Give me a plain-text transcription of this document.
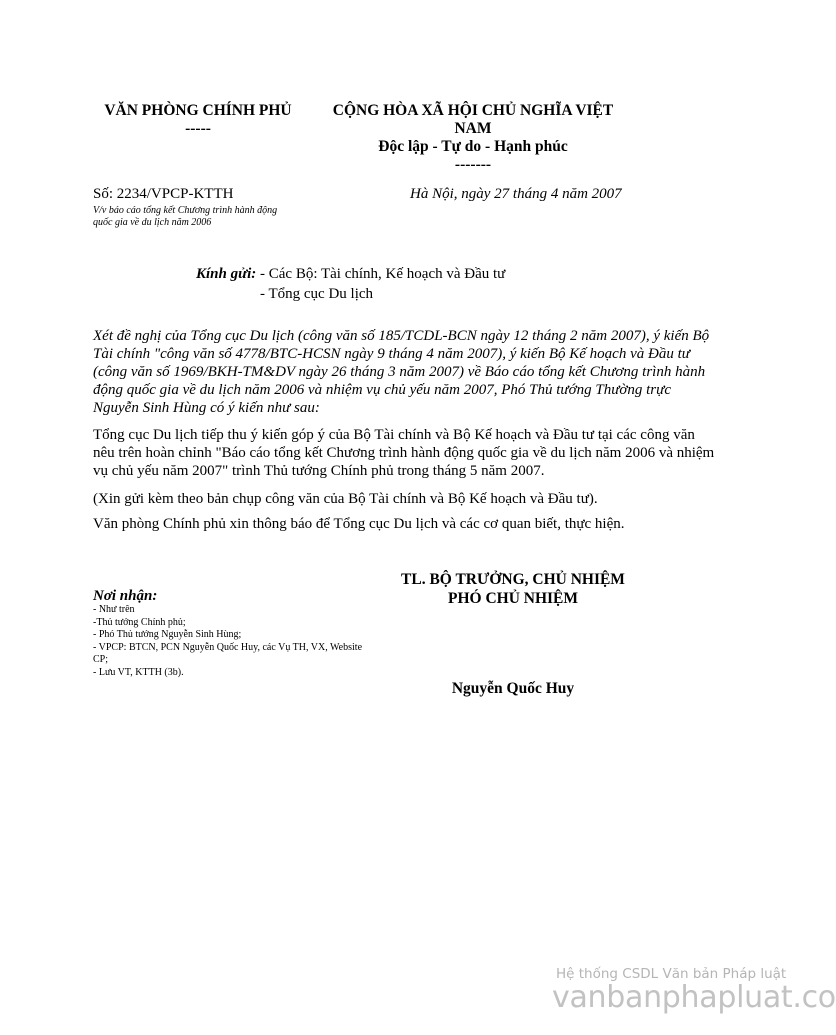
VĂN PHÒNG CHÍNH PHỦ
-----
CỘNG HÒA XÃ HỘI CHỦ NGHĨA VIỆT
NAM
Độc lập - Tự do - Hạnh phúc
-------
Số: 2234/VPCP-KTTH
V/v báo cáo tổng kết Chương trình hành động
quốc gia về du lịch năm 2006
Hà Nội, ngày 27 tháng 4 năm 2007
Kính gửi: - Các Bộ: Tài chính, Kế hoạch và Đầu tư
- Tổng cục Du lịch
Xét đề nghị của Tổng cục Du lịch (công văn số 185/TCDL-BCN ngày 12 tháng 2 năm 2007), ý kiến Bộ Tài chính "công văn số 4778/BTC-HCSN ngày 9 tháng 4 năm 2007), ý kiến Bộ Kế hoạch và Đầu tư (công văn số 1969/BKH-TM&DV ngày 26 tháng 3 năm 2007) về Báo cáo tổng kết Chương trình hành động quốc gia về du lịch năm 2006 và nhiệm vụ chủ yếu năm 2007, Phó Thủ tướng Thường trực Nguyễn Sinh Hùng có ý kiến như sau:
Tổng cục Du lịch tiếp thu ý kiến góp ý của Bộ Tài chính và Bộ Kế hoạch và Đầu tư tại các công văn nêu trên hoàn chỉnh "Báo cáo tổng kết Chương trình hành động quốc gia về du lịch năm 2006 và nhiệm vụ chủ yếu năm 2007" trình Thủ tướng Chính phủ trong tháng 5 năm 2007.
(Xin gửi kèm theo bản chụp công văn của Bộ Tài chính và Bộ Kế hoạch và Đầu tư).
Văn phòng Chính phủ xin thông báo để Tổng cục Du lịch và các cơ quan biết, thực hiện.
Nơi nhận:
- Như trên
-Thủ tướng Chính phủ;
- Phó Thủ tướng Nguyễn Sinh Hùng;
- VPCP: BTCN, PCN Nguyễn Quốc Huy, các Vụ TH, VX, Website CP;
- Lưu VT, KTTH (3b).
TL. BỘ TRƯỞNG, CHỦ NHIỆM
PHÓ CHỦ NHIỆM
Nguyễn Quốc Huy
Hệ thống CSDL Văn bản Pháp luật
vanbanphapluat.co
